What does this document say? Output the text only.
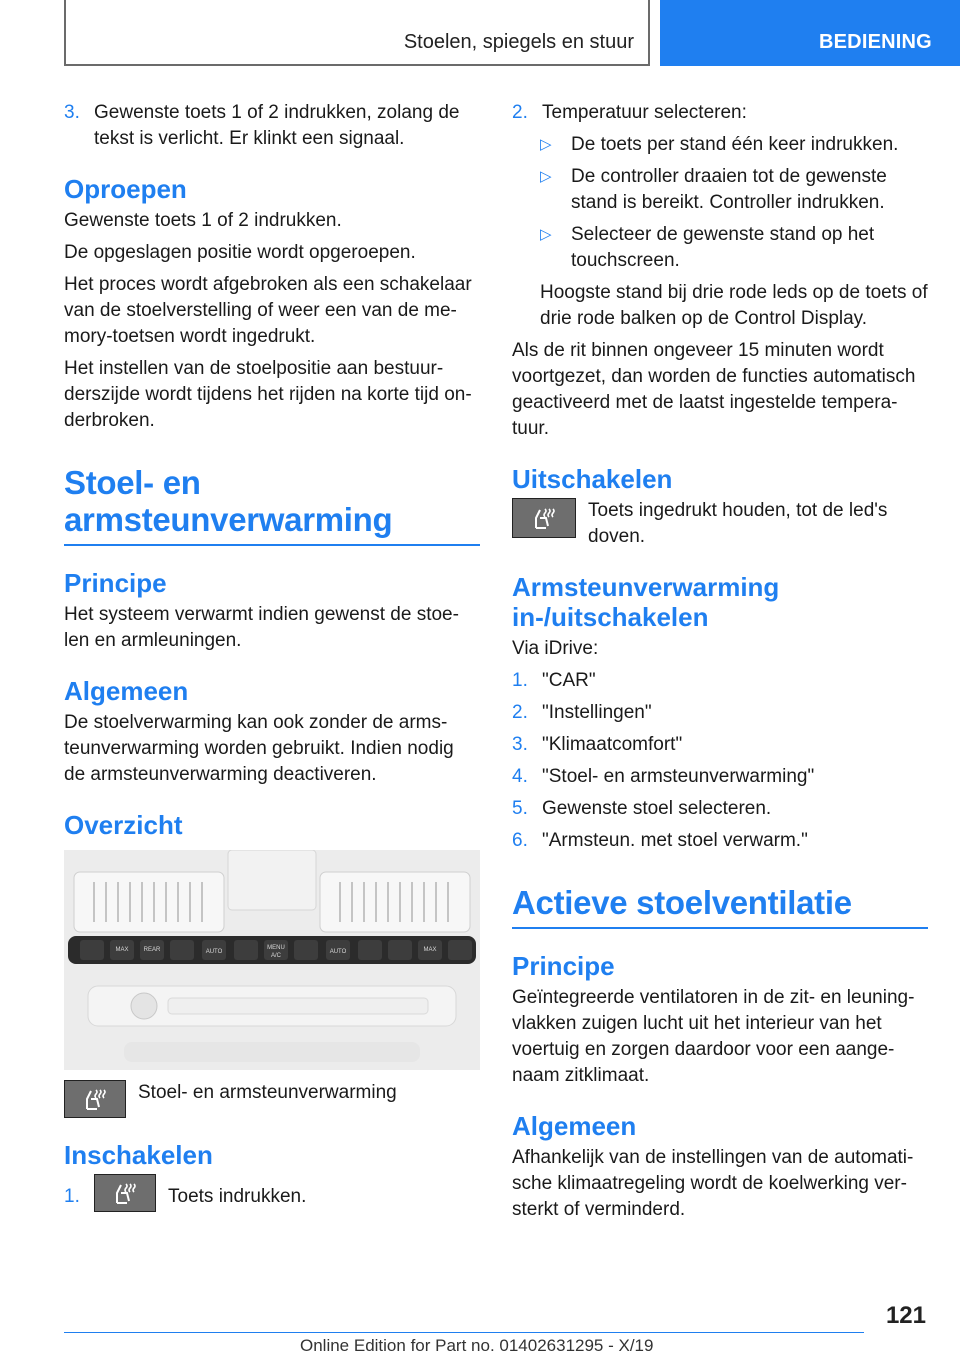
Stoelen, spiegels en stuur	BEDIENING
3. Gewenste toets 1 of 2 indrukken, zolang de tekst is verlicht. Er klinkt een signaal.
Oproepen

Gewenste toets 1 of 2 indrukken.

De opgeslagen positie wordt opgeroepen.

Het proces wordt afgebroken als een schakelaar van de stoelverstelling of weer een van de me-mory-toetsen wordt ingedrukt.

Het instellen van de stoelpositie aan bestuur-derszijde wordt tijdens het rijden na korte tijd on-derbroken.

Stoel- en armsteunverwarming
Principe

Het systeem verwarmt indien gewenst de stoe-len en armleuningen.

Algemeen

De stoelverwarming kan ook zonder de arms-teunverwarming worden gebruikt. Indien nodig de armsteunverwarming deactiveren.

Overzicht
MAX	REAR	AUTO
MENU
A/C
AUTO	MAX
Stoel- en armsteunverwarming
Inschakelen
1.	Toets indrukken.
2. Temperatuur selecteren:
▷	De toets per stand één keer indrukken.
▷	De controller draaien tot de gewenste stand is bereikt. Controller indrukken.
▷	Selecteer de gewenste stand op het touchscreen.

Hoogste stand bij drie rode leds op de toets of drie rode balken op de Control Display.

Als de rit binnen ongeveer 15 minuten wordt voortgezet, dan worden de functies automatisch geactiveerd met de laatst ingestelde tempera-tuur.

Uitschakelen
Toets ingedrukt houden, tot de led's doven.
Armsteunverwarming in-/uitschakelen

Via iDrive:

1. "CAR"
2. "Instellingen"
3. "Klimaatcomfort"
4. "Stoel- en armsteunverwarming"
5. Gewenste stoel selecteren.
6. "Armsteun. met stoel verwarm."
Actieve stoelventilatie
Principe

Geïntegreerde ventilatoren in de zit- en leuning-vlakken zuigen lucht uit het interieur van het voertuig en zorgen daardoor voor een aange-naam zitklimaat.

Algemeen

Afhankelijk van de instellingen van de automati-sche klimaatregeling wordt de koelwerking ver-sterkt of verminderd.

121
Online Edition for Part no. 01402631295 - X/19
